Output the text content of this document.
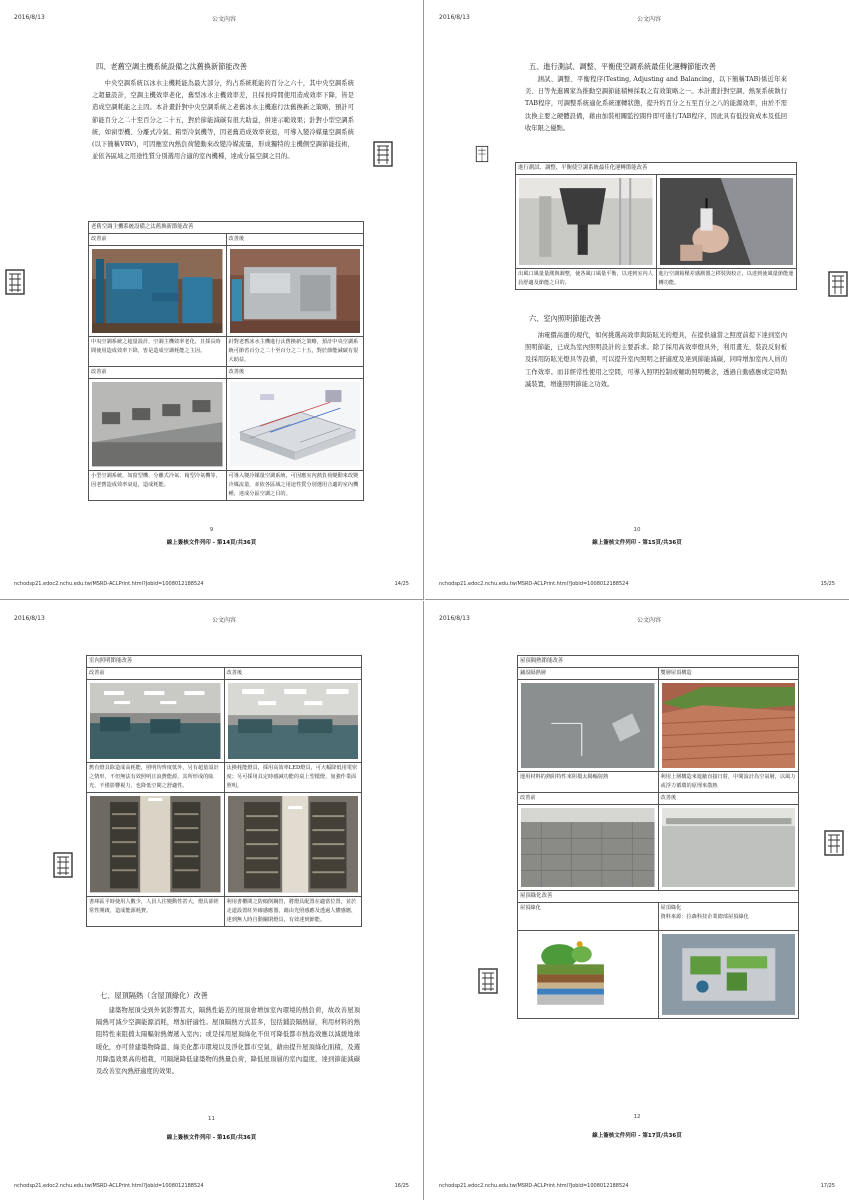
2016/8/13	公文內容
四、老舊空調主機系統設備之汰舊換新節能改善
中央空調系統以冰水主機耗能為最大部分，約占系統耗能的百分之六十，其中央空調系統之超量設計，空調主機效率老化，舊型冰水主機效率差，且採長時間使用造成效率下降，皆是造成空調耗能之主因。本計畫針對中央空調系統之老舊冰水主機進行汰舊換新之策略，預計可節能百分之二十至百分之二十五，對於節能減碳有很大助益，併達示範效果；針對小型空調系統，如窗型機、分離式冷氣、箱型冷氣機等，因老舊造成效率衰退，可導入變冷媒量空調系統(以下簡稱VRV)，可因應室內熱負荷變動來改變冷媒流量，形成獨特的主機側空調節能技術，並依各區域之用途性質分別選用合適的室內機種，達成分區空調之目的。
老舊空調主機系統設備之汰舊換新節能改善	
改善前	改善後

中央空調系統之超量設計，空調主機效率老化，且採長時間使用造成效率下降，皆是造成空調耗能之主因。	針對老舊冰水主機進行汰舊換新之策略，預計中央空調系統可節省百分之二十至百分之二十五，對於節能減碳有很大助益。
改善前	改善後

小型空調系統，如窗型機、分離式冷氣、箱型冷氣機等，因老舊造成效率衰退，造成耗能。	可導入變冷媒量空調系統，可因應室內熱負荷變動來改變冷媒流量，並依各區域之用途性質分別選用合適的室內機種，達成分區空調之目的。
9
線上簽核文件列印 - 第14頁/共36頁
nchodsp21.edoc2.nchu.edu.tw/MSRD-ACLPrint.html?Jobld=1008012188524	14/25
2016/8/13	公文內容
五、進行測試、調整、平衡使空調系統最佳化運轉節能改善
測試、調整、平衡程序(Testing, Adjusting and Balancing，以下簡稱TAB)係近年來美、日等先進國家為推動空調節能積極採取之有效策略之一。本計畫針對空調、熱泵系統執行TAB程序，可調整系統適化系統運轉狀態，提升約百分之五至百分之八的能源效率，由於不需汰換主要之硬體設備，藉由加裝相關監控閥件即可進行TAB程序，因此具有低投資成本及低回收年限之優點。
進行測試、調整、平衡使空調系統最佳化運轉節能改善	

出風口風量量測與調整，使各風口風量平衡，以達到室內人員舒適及節能之目的。	進行空調箱壓差感測器之移裝與校正，以達到使風量節能運轉功能。
六、室內照明節能改善
油電價高漲的現代，如何挑選高效率與防眩光的燈具，在提供適當之照度前提下達到室內照明節能，已成為室內照明設計的主要訴求。除了採用高效率燈具外，利用畫光、裝設反射板及採用防眩光燈具等設備，可以提升室內照明之舒適度及達到節能減碳，同時增加室內人員的工作效率。而非經常性使用之空間，可導入照明控制或輔助照明概念，透過自動感應或定時點滅裝置，增進照明節能之功效。
10
線上簽核文件列印 - 第15頁/共36頁
nchodsp21.edoc2.nchu.edu.tw/MSRD-ACLPrint.html?Jobld=1008012188524	15/25
2016/8/13	公文內容
室內照明節能改善	
改善前	改善後

舊有燈具除造成高耗能，照明均齊度低外，另有超量設計之情形，不但無法有效照明且浪費能源，其所形成的眩光，不僅影響視力，也降低空間之舒適性。	汰換耗能燈具，採用高效率LED燈具，可大幅降低用電密度；另可採用具定時感減功能的桌上型檯燈，加強作業面照明。

書庫區平時使用人數少，人員人往變動性甚大，燈具卻經常性開啟，造成能源耗費。	利用書櫃間之防傾倒鋼管，將燈具配置在適當位置，並於走道設置紅外線感應器，藉由光照感應及透過人體感應，達到無人時自動關閉燈具，有效達到節能。
七、屋頂隔熱（含屋頂綠化）改善
建築物屋頂受到外氣影響甚大，隔熱性能差的屋頂會增加室內環境的熱負荷，故改善屋頂隔熱可減少空調能源消耗，增加舒適性。屋頂隔熱方式甚多，包括鋪設隔熱層，利用材料的熱阻特性來阻擋太陽輻射熱傳遞入室內；或是採用屋頂綠化不但可降低都市熱島效應以減緩地球暖化，亦可替建築物降溫、綠美化都市環境以及淨化都市空氣，藉由提升屋頂綠化面積，及選用降溫效果高的植栽，可隔絕降低建築物的熱量負荷，降低屋頂層的室內溫度，達到節能減碳及改善室內熱舒適度的效果。
11
線上簽核文件列印 - 第16頁/共36頁
nchodsp21.edoc2.nchu.edu.tw/MSRD-ACLPrint.html?Jobld=1008012188524	16/25
2016/8/13	公文內容
屋頂隔熱節能改善	
鋪設隔熱層	雙層屋頂構造

運用材料的熱阻特性來阻擋太陽輻射熱	利用上層構造來遮蔽直接日射，中間設計為空氣層，以風力或浮力循環的原理來散熱
改善前	改善後

屋頂綠化改善	
屋頂綠化	屋頂綠化
資料來源：拉森科技企業總部屋頂綠化

12
線上簽核文件列印 - 第17頁/共36頁
nchodsp21.edoc2.nchu.edu.tw/MSRD-ACLPrint.html?Jobld=1008012188524	17/25
